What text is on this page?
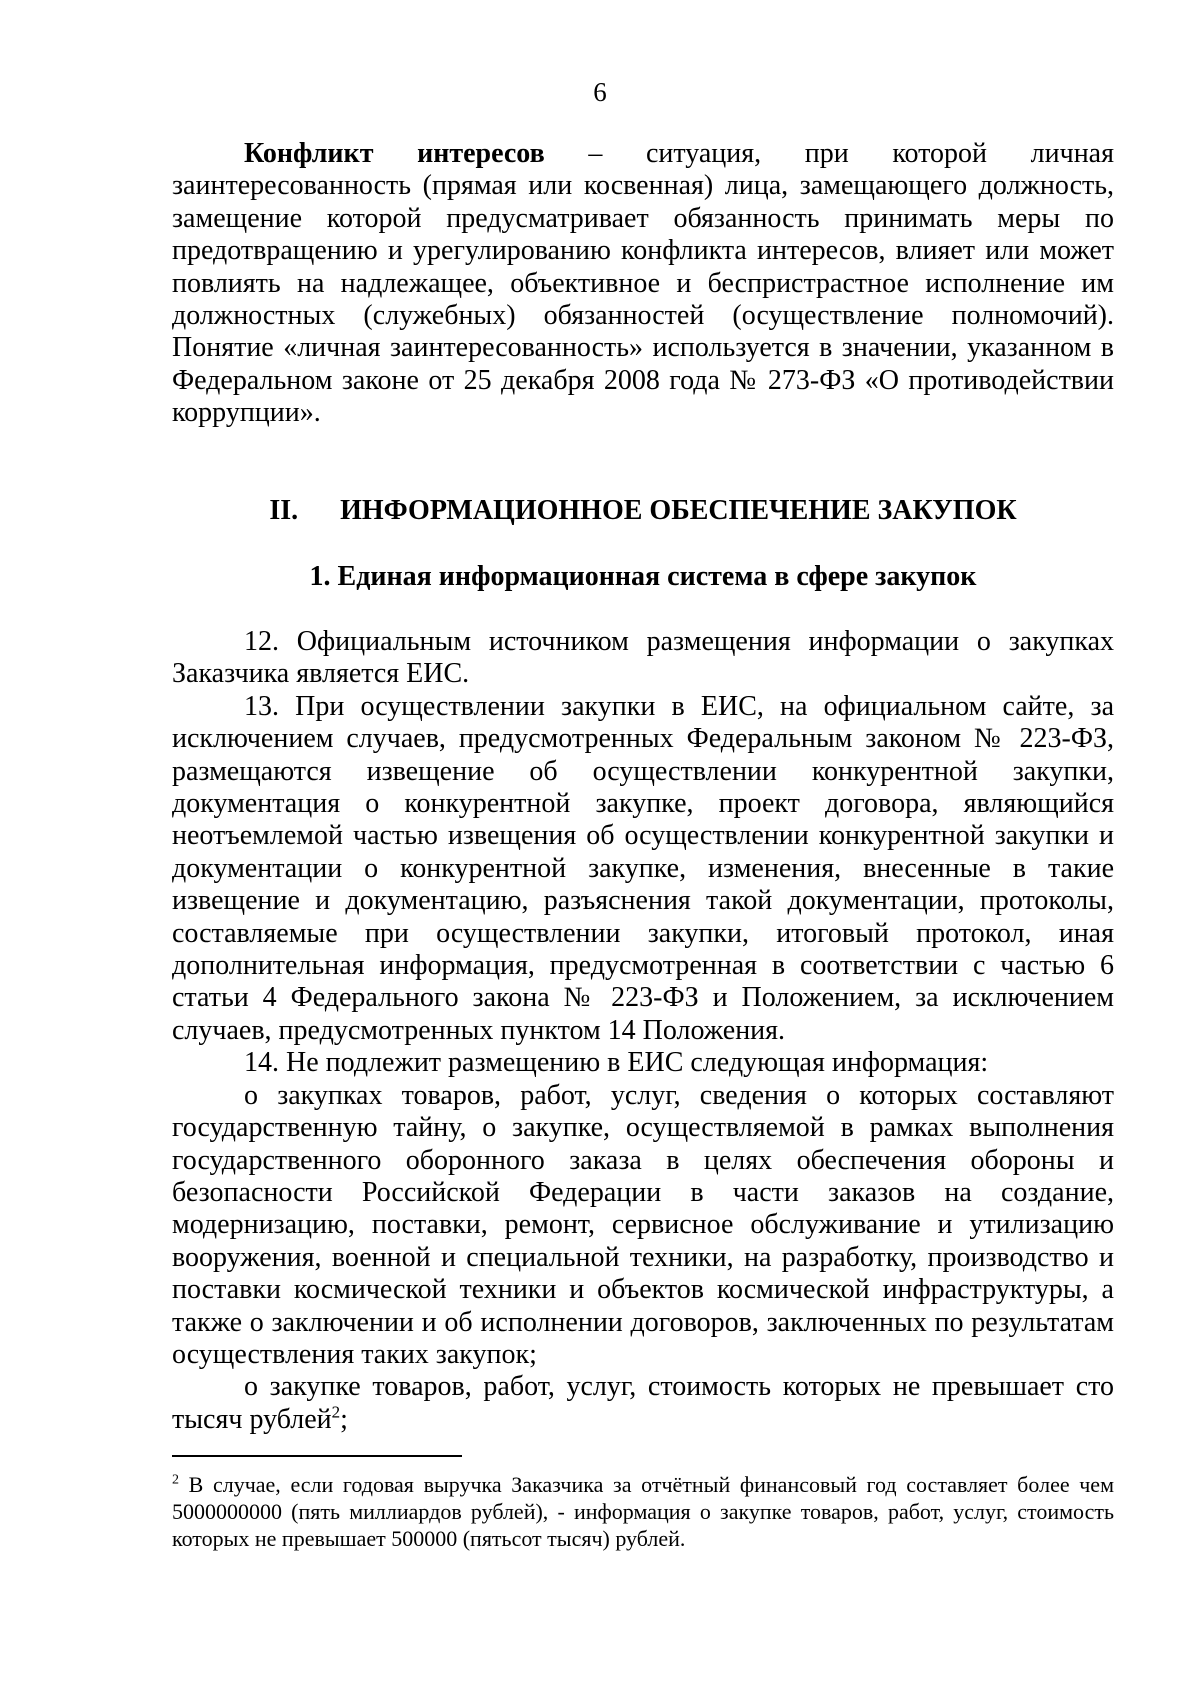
6

Конфликт интересов – ситуация, при которой личная заинтересованность (прямая или косвенная) лица, замещающего должность, замещение которой предусматривает обязанность принимать меры по предотвращению и урегулированию конфликта интересов, влияет или может повлиять на надлежащее, объективное и беспристрастное исполнение им должностных (служебных) обязанностей (осуществление полномочий). Понятие «личная заинтересованность» используется в значении, указанном в Федеральном законе от 25 декабря 2008 года № 273-ФЗ «О противодействии коррупции».

II. ИНФОРМАЦИОННОЕ ОБЕСПЕЧЕНИЕ ЗАКУПОК
1. Единая информационная система в сфере закупок

12. Официальным источником размещения информации о закупках Заказчика является ЕИС.

13. При осуществлении закупки в ЕИС, на официальном сайте, за исключением случаев, предусмотренных Федеральным законом № 223-ФЗ, размещаются извещение об осуществлении конкурентной закупки, документация о конкурентной закупке, проект договора, являющийся неотъемлемой частью извещения об осуществлении конкурентной закупки и документации о конкурентной закупке, изменения, внесенные в такие извещение и документацию, разъяснения такой документации, протоколы, составляемые при осуществлении закупки, итоговый протокол, иная дополнительная информация, предусмотренная в соответствии с частью 6 статьи 4 Федерального закона № 223-ФЗ и Положением, за исключением случаев, предусмотренных пунктом 14 Положения.

14. Не подлежит размещению в ЕИС следующая информация:

о закупках товаров, работ, услуг, сведения о которых составляют государственную тайну, о закупке, осуществляемой в рамках выполнения государственного оборонного заказа в целях обеспечения обороны и безопасности Российской Федерации в части заказов на создание, модернизацию, поставки, ремонт, сервисное обслуживание и утилизацию вооружения, военной и специальной техники, на разработку, производство и поставки космической техники и объектов космической инфраструктуры, а также о заключении и об исполнении договоров, заключенных по результатам осуществления таких закупок;

о закупке товаров, работ, услуг, стоимость которых не превышает сто тысяч рублей$^2$;

$^2$ В случае, если годовая выручка Заказчика за отчётный финансовый год составляет более чем 5000000000 (пять миллиардов рублей), - информация о закупке товаров, работ, услуг, стоимость которых не превышает 500000 (пятьсот тысяч) рублей.
